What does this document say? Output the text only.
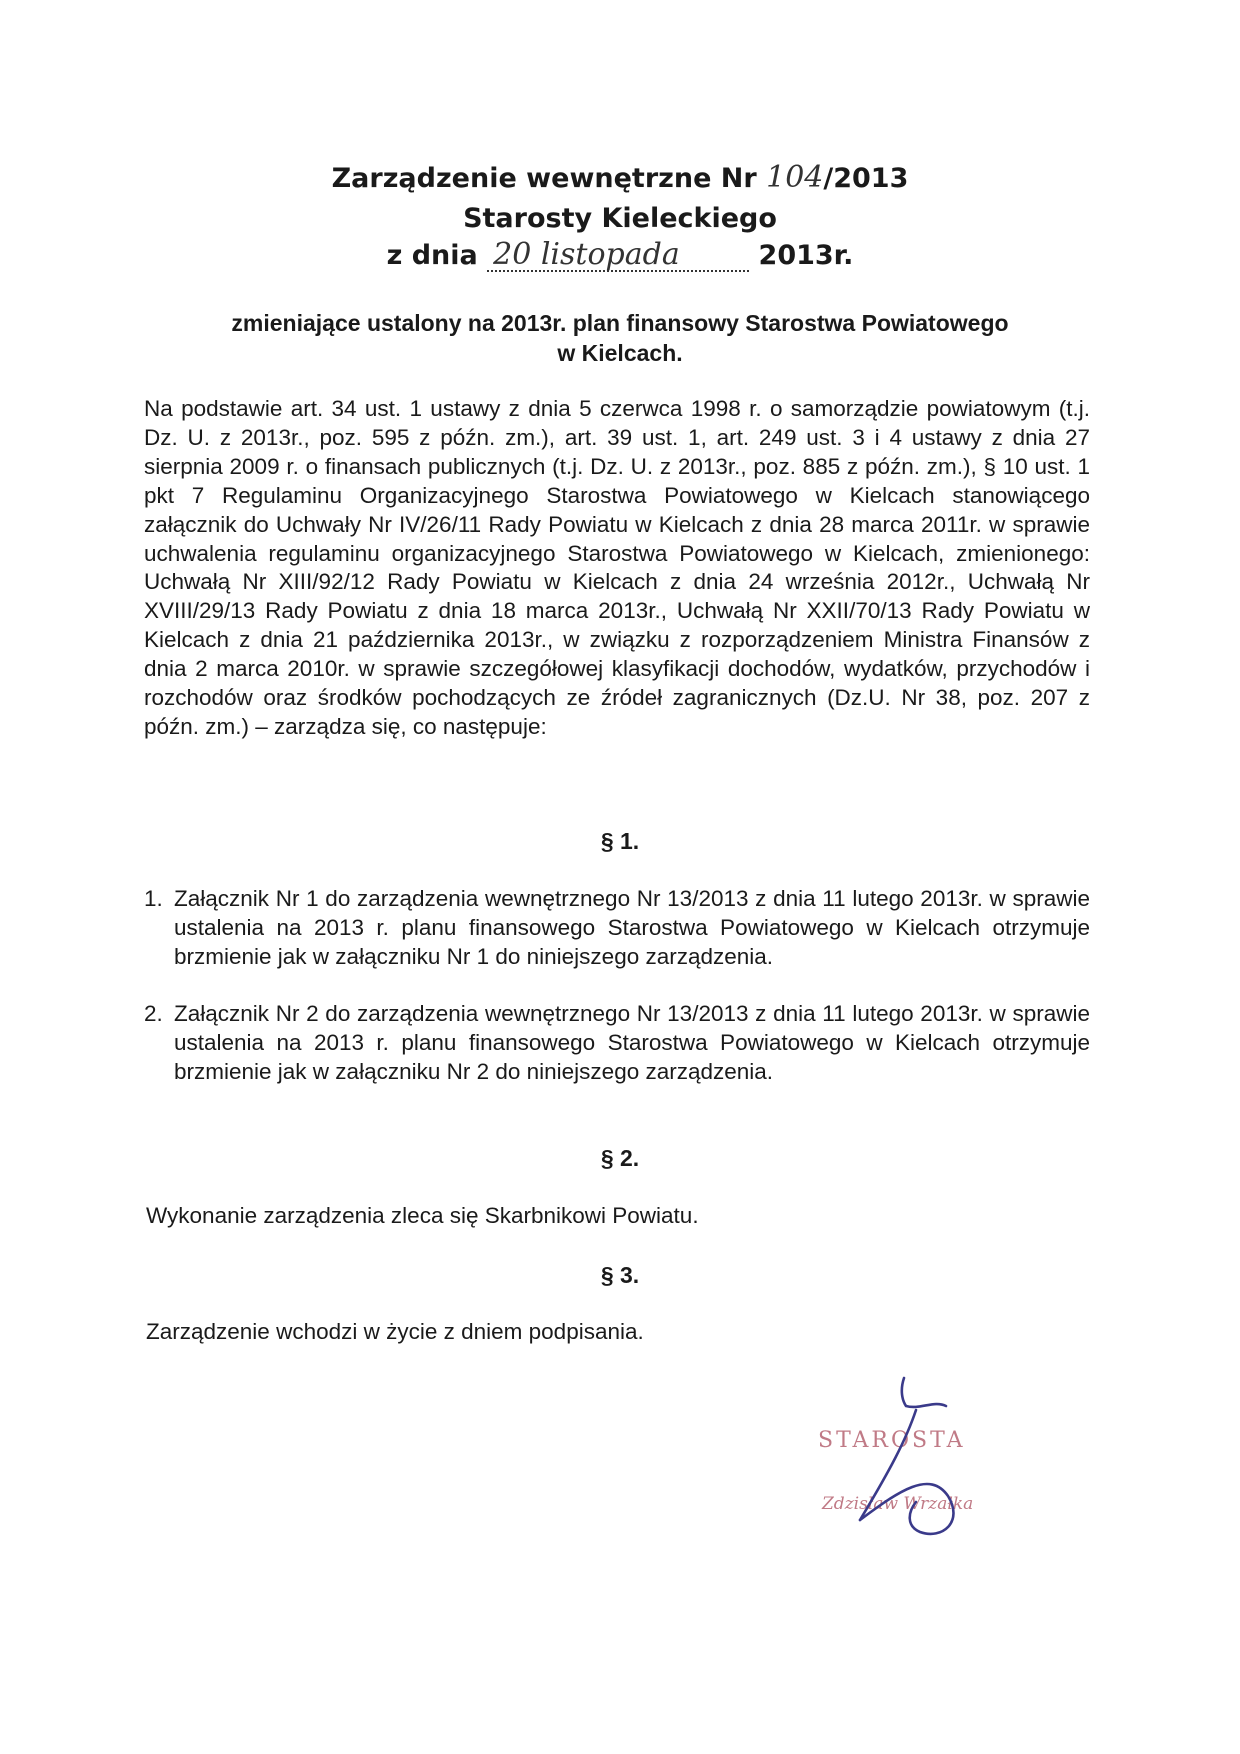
Zarządzenie wewnętrzne Nr 104/2013
Starosty Kieleckiego
z dnia 20 listopada	2013r.
zmieniające ustalony na 2013r. plan finansowy Starostwa Powiatowego
w Kielcach.
Na podstawie art. 34 ust. 1 ustawy z dnia 5 czerwca 1998 r. o samorządzie powiatowym (t.j. Dz. U. z 2013r., poz. 595 z późn. zm.), art. 39 ust. 1, art. 249 ust. 3 i 4 ustawy z dnia 27 sierpnia 2009 r. o finansach publicznych (t.j. Dz. U. z 2013r., poz. 885 z późn. zm.), § 10 ust. 1 pkt 7 Regulaminu Organizacyjnego Starostwa Powiatowego w Kielcach stanowiącego załącznik do Uchwały Nr IV/26/11 Rady Powiatu w Kielcach z dnia 28 marca 2011r. w sprawie uchwalenia regulaminu organizacyjnego Starostwa Powiatowego w Kielcach, zmienionego: Uchwałą Nr XIII/92/12 Rady Powiatu w Kielcach z dnia 24 września 2012r., Uchwałą Nr XVIII/29/13 Rady Powiatu z dnia 18 marca 2013r., Uchwałą Nr XXII/70/13 Rady Powiatu w Kielcach z dnia 21 października 2013r., w związku z rozporządzeniem Ministra Finansów z dnia 2 marca 2010r. w sprawie szczegółowej klasyfikacji dochodów, wydatków, przychodów i rozchodów oraz środków pochodzących ze źródeł zagranicznych (Dz.U. Nr 38, poz. 207 z późn. zm.) – zarządza się, co następuje:
§ 1.
1. Załącznik Nr 1 do zarządzenia wewnętrznego Nr 13/2013 z dnia 11 lutego 2013r. w sprawie ustalenia na 2013 r. planu finansowego Starostwa Powiatowego w Kielcach otrzymuje brzmienie jak w załączniku Nr 1 do niniejszego zarządzenia.
2. Załącznik Nr 2 do zarządzenia wewnętrznego Nr 13/2013 z dnia 11 lutego 2013r. w sprawie ustalenia na 2013 r. planu finansowego Starostwa Powiatowego w Kielcach otrzymuje brzmienie jak w załączniku Nr 2 do niniejszego zarządzenia.
§ 2.
Wykonanie zarządzenia zleca się Skarbnikowi Powiatu.
§ 3.
Zarządzenie wchodzi w życie z dniem podpisania.
STAROSTA
Zdzisław Wrzałka
